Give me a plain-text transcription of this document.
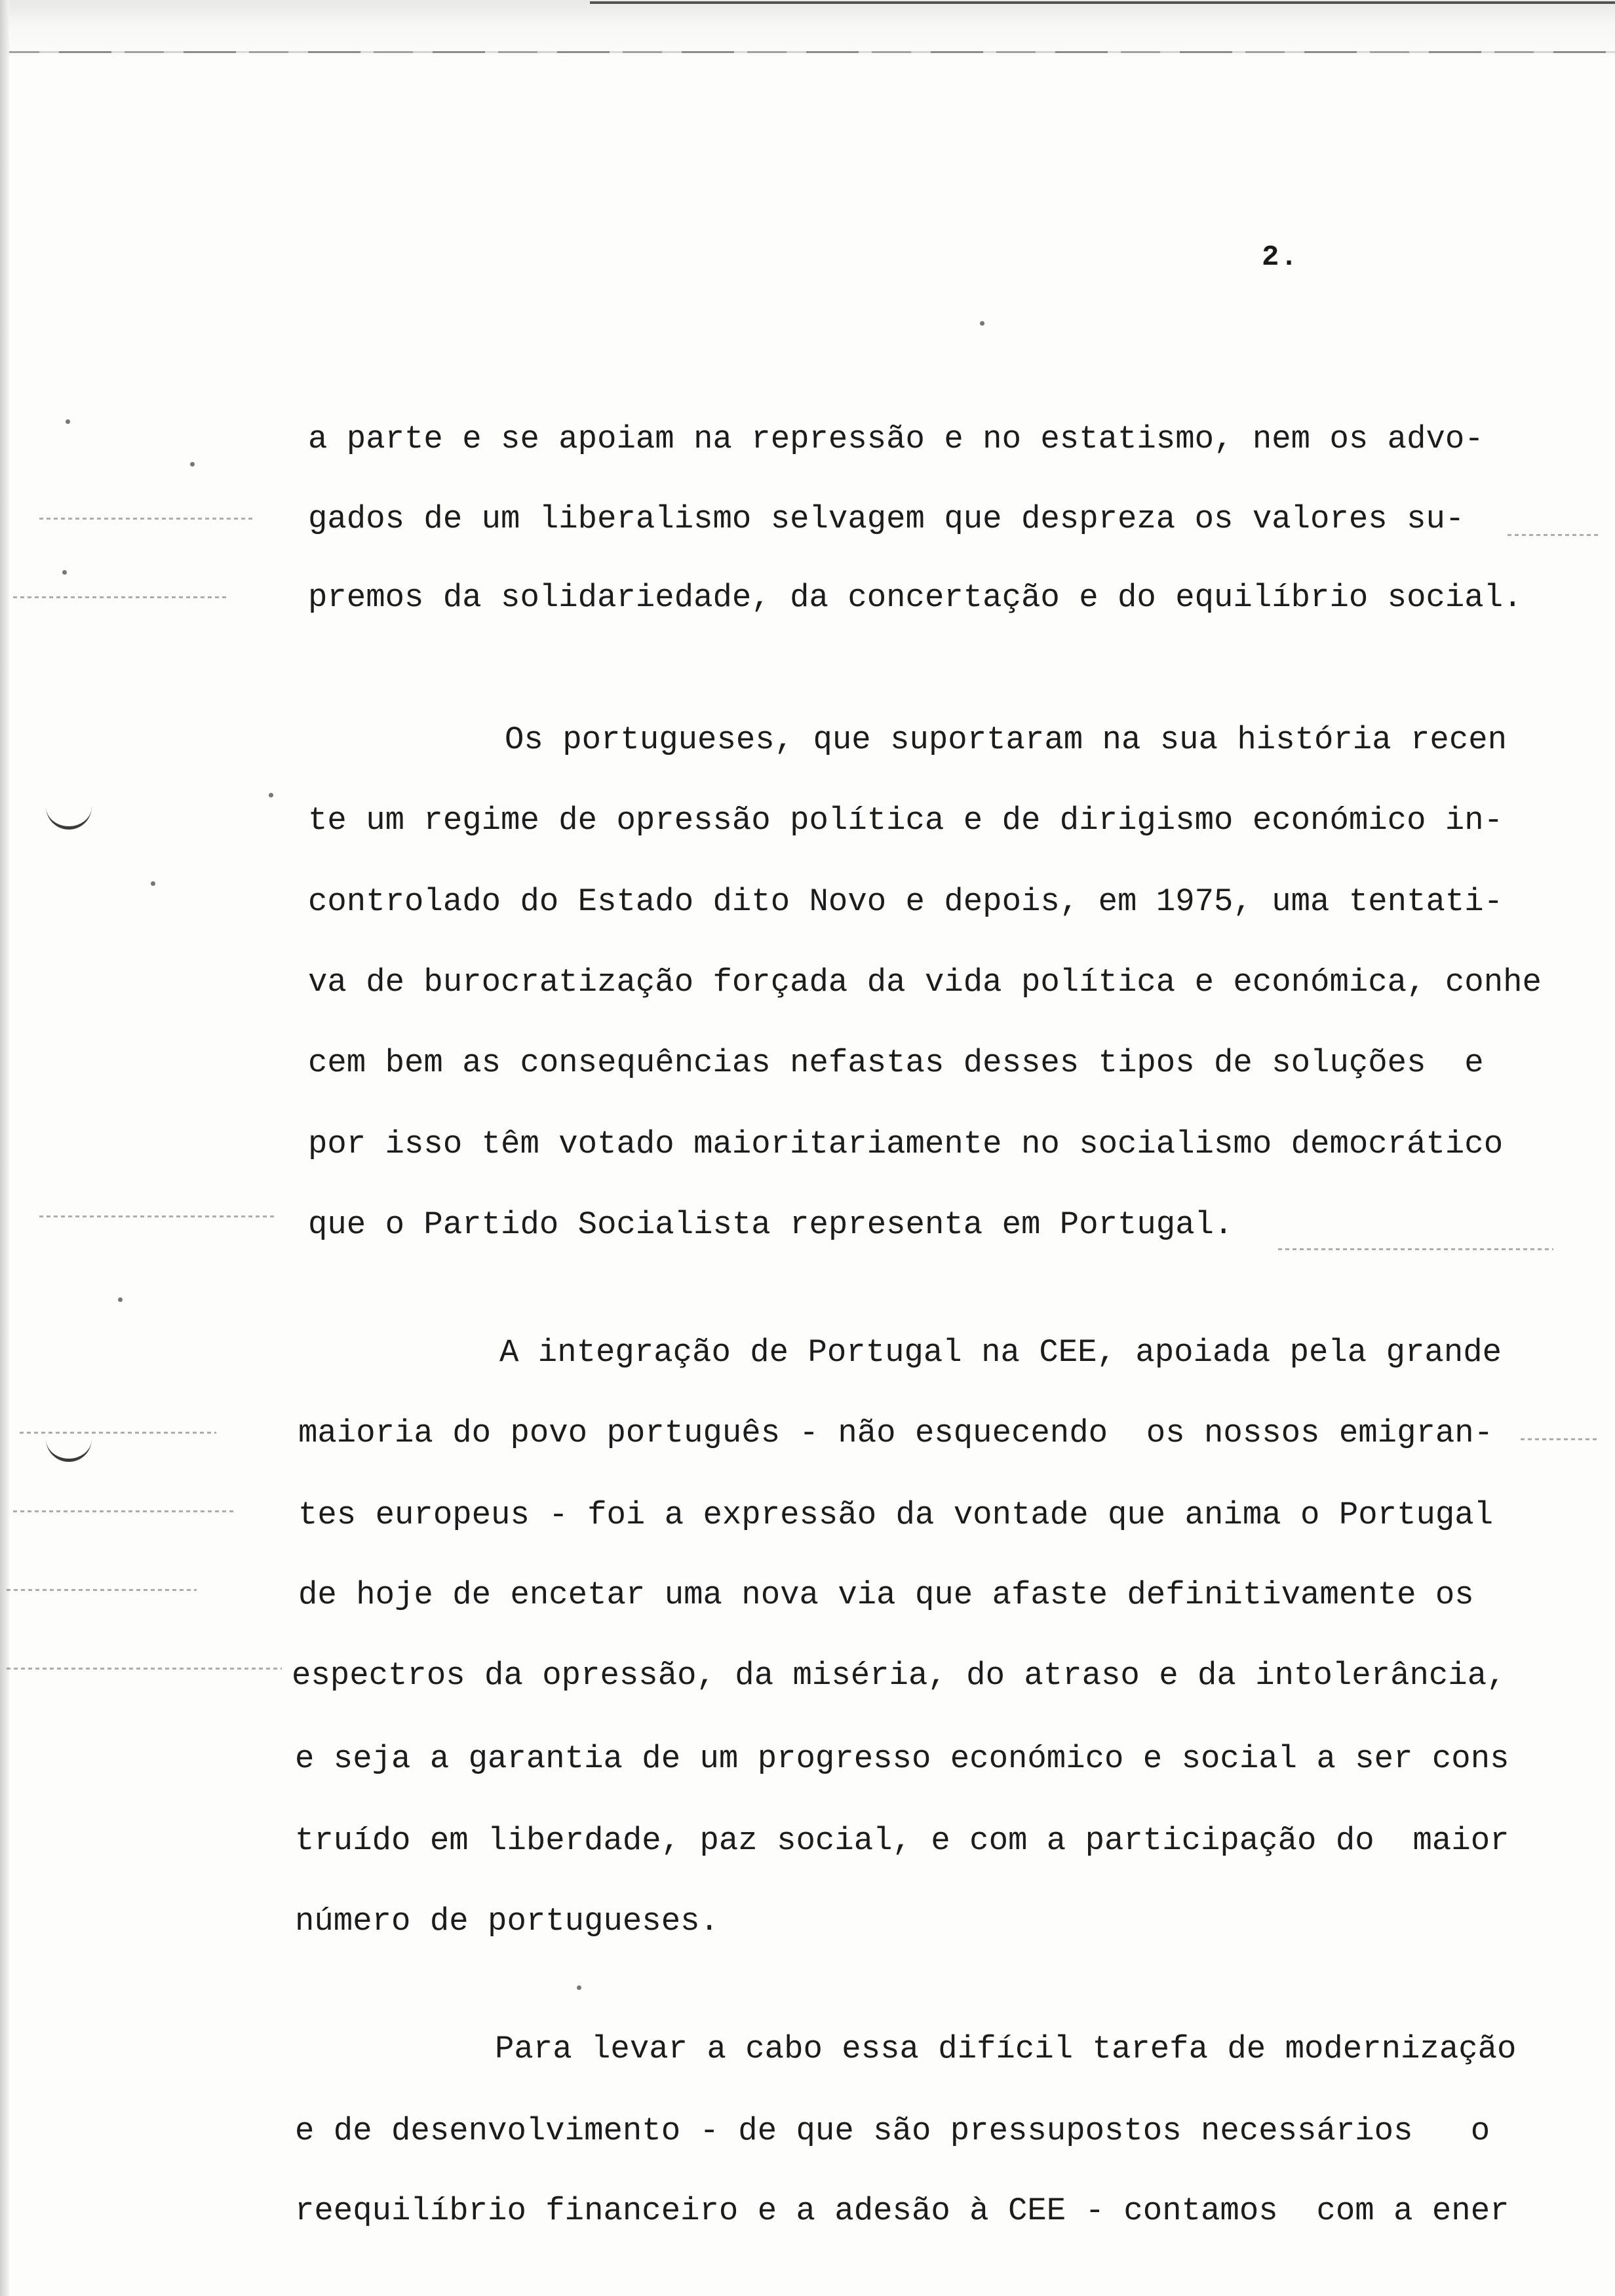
2.
a parte e se apoiam na repressão e no estatismo, nem os advo-
gados de um liberalismo selvagem que despreza os valores su-
premos da solidariedade, da concertação e do equilíbrio social.
Os portugueses, que suportaram na sua história recen
te um regime de opressão política e de dirigismo económico in-
controlado do Estado dito Novo e depois, em 1975, uma tentati-
va de burocratização forçada da vida política e económica, conhe
cem bem as consequências nefastas desses tipos de soluções  e
por isso têm votado maioritariamente no socialismo democrático
que o Partido Socialista representa em Portugal.
A integração de Portugal na CEE, apoiada pela grande
maioria do povo português - não esquecendo  os nossos emigran-
tes europeus - foi a expressão da vontade que anima o Portugal
de hoje de encetar uma nova via que afaste definitivamente os
espectros da opressão, da miséria, do atraso e da intolerância,
e seja a garantia de um progresso económico e social a ser cons
truído em liberdade, paz social, e com a participação do  maior
número de portugueses.
Para levar a cabo essa difícil tarefa de modernização
e de desenvolvimento - de que são pressupostos necessários   o
reequilíbrio financeiro e a adesão à CEE - contamos  com a ener
